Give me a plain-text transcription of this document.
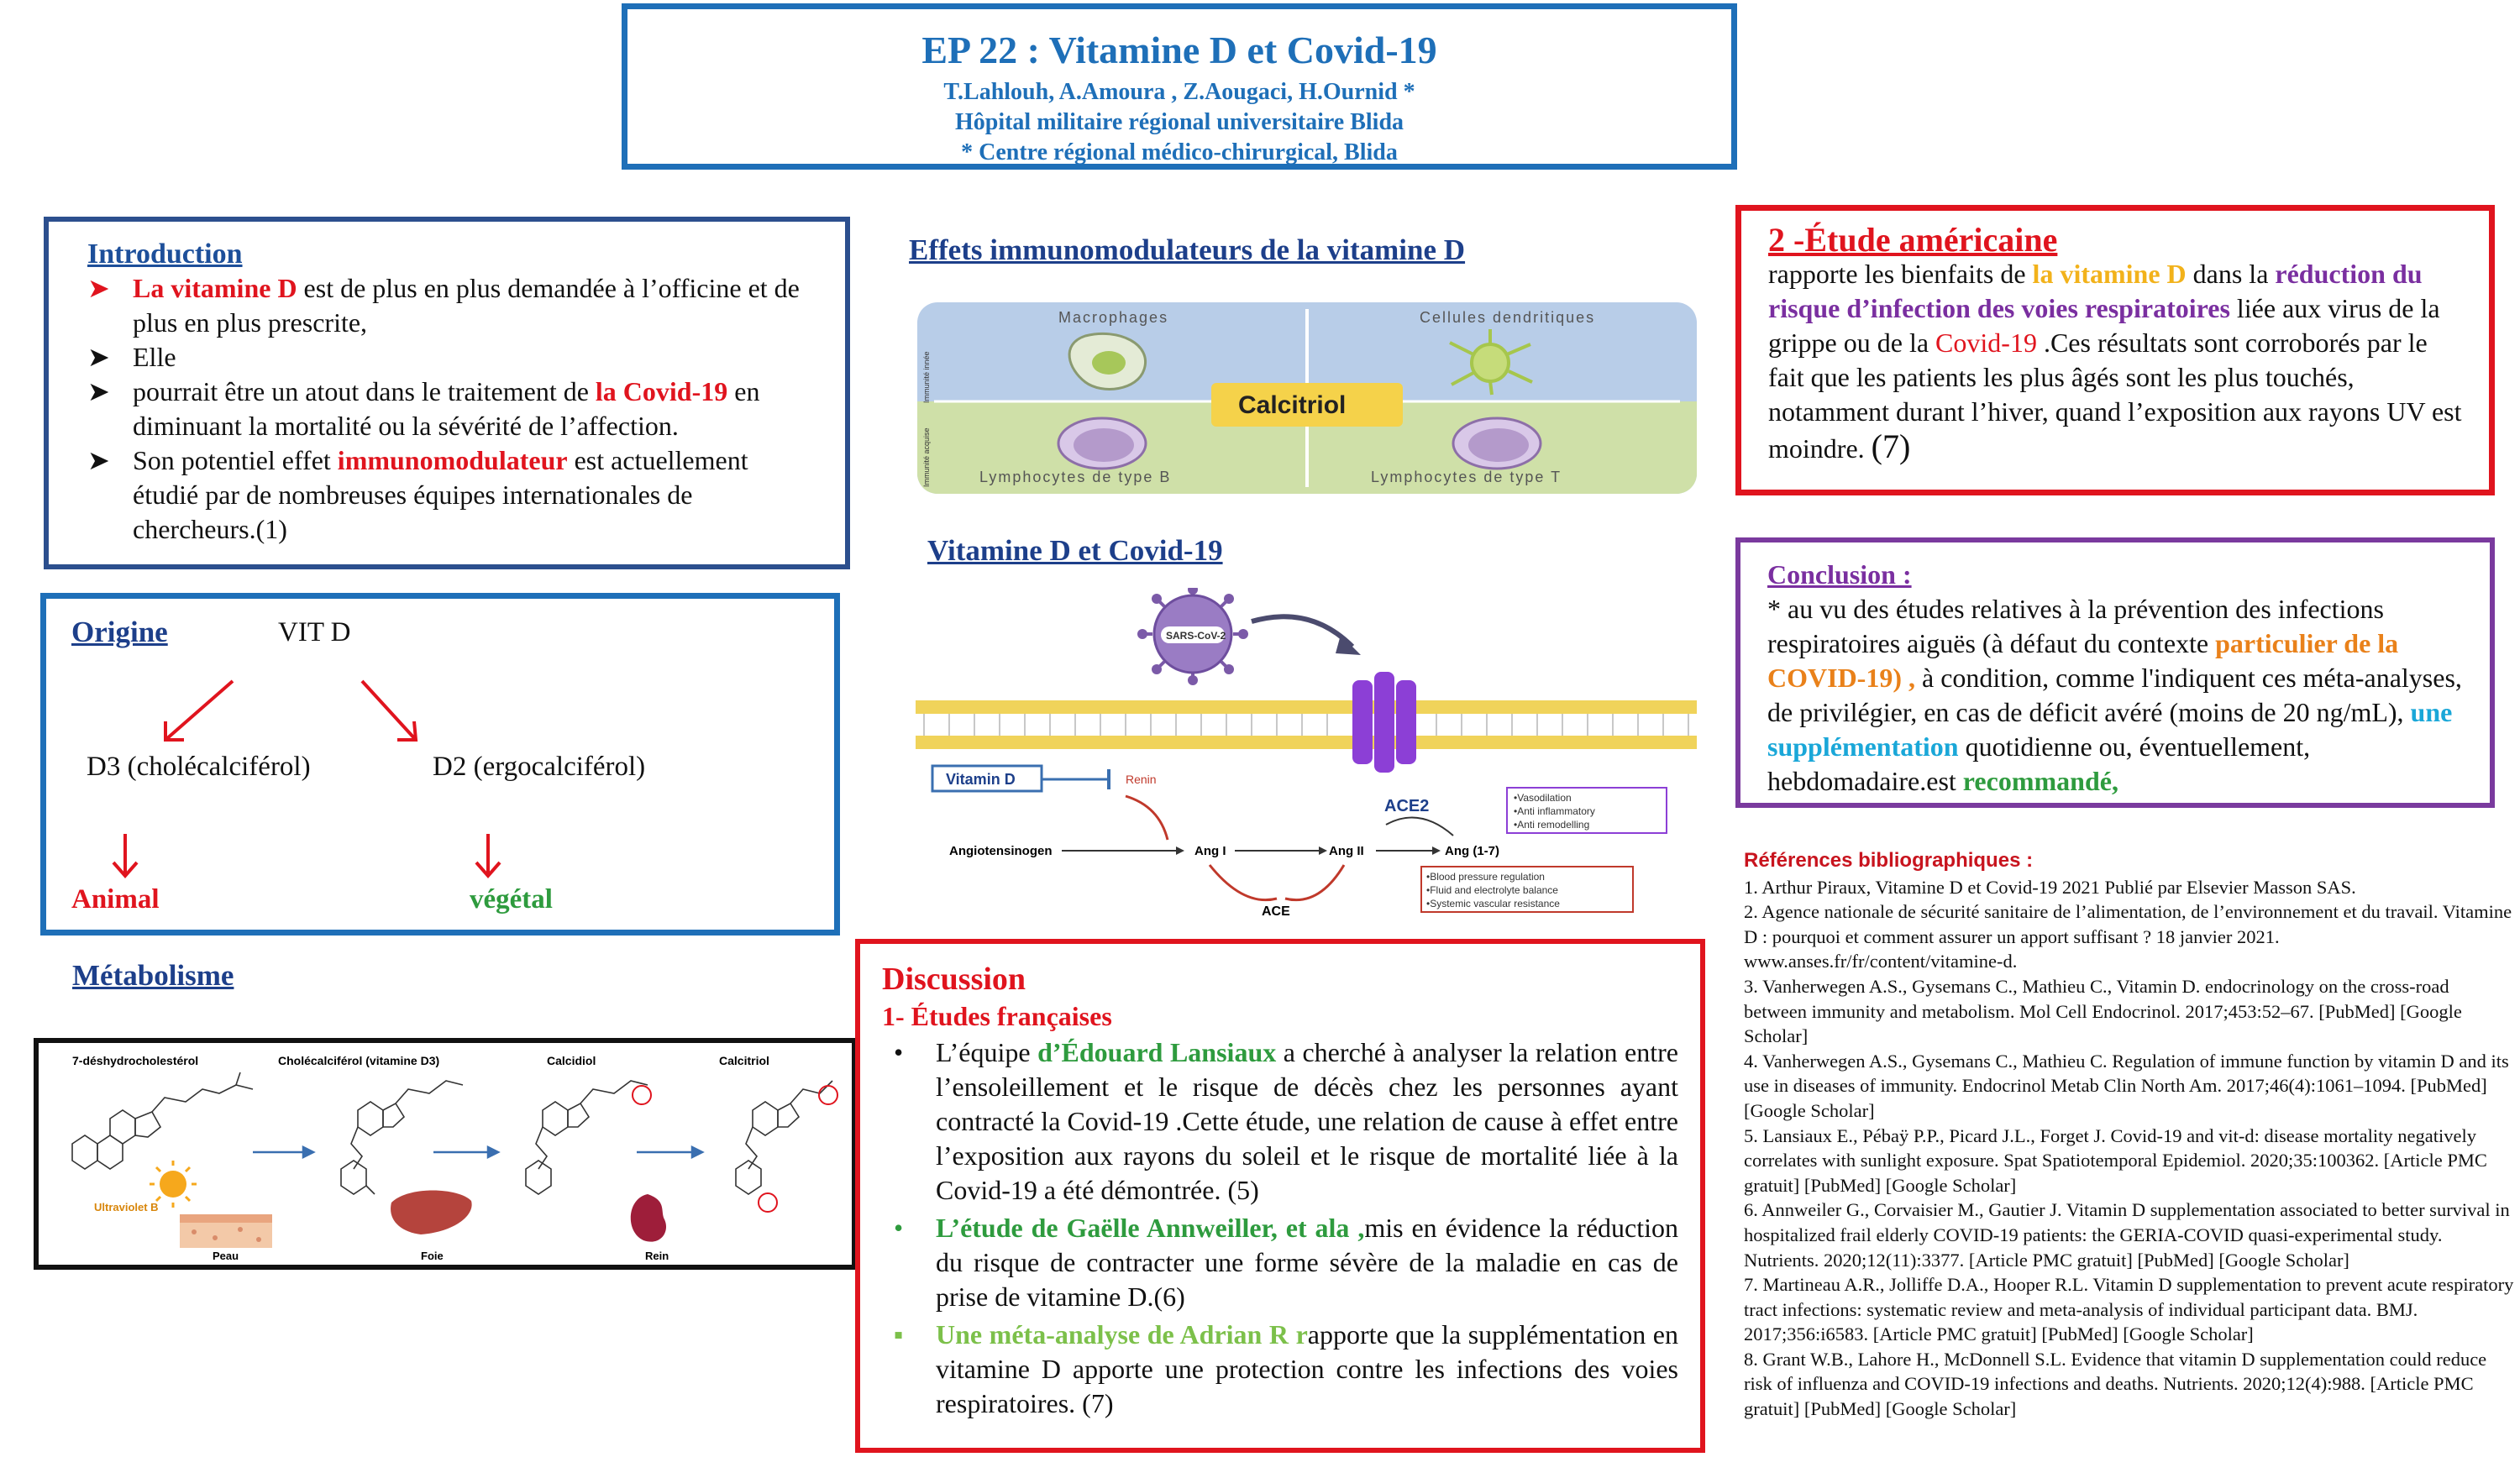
EP 22 : Vitamine D et Covid-19
T.Lahlouh, A.Amoura , Z.Aougaci, H.Ournid *
Hôpital militaire régional universitaire Blida
* Centre régional médico-chirurgical, Blida
Introduction
➤ La vitamine D est de plus en plus demandée à l’officine et de plus en plus prescrite,
➤ Elle
➤ pourrait être un atout dans le traitement de la Covid-19 en diminuant la mortalité ou la sévérité de l’affection.
➤ Son potentiel effet immunomodulateur est actuellement étudié par de nombreuses équipes internationales de chercheurs.(1)
Origine	VIT D
D3 (cholécalciférol)	D2 (ergocalciférol)
Animal	végétal
Métabolisme
7-déshydrocholestérol	Cholécalciférol (vitamine D3)	Calcidiol	Calcitriol
Ultraviolet B
Peau	Foie	Rein
Effets immunomodulateurs de la vitamine D
Macrophages	Cellules dendritiques
Lymphocytes de type B	Lymphocytes de type T
Immunité innée
Immunité acquise
Calcitriol
Vitamine D et Covid-19
SARS-CoV-2
Vitamin D	Renin
ACE2
Angiotensinogen	Ang I	Ang II	Ang (1-7)
ACE
•Vasodilation
•Anti inflammatory
•Anti remodelling
•Blood pressure regulation
•Fluid and electrolyte balance
•Systemic vascular resistance
Discussion
1- Études françaises
•	L’équipe d’Édouard Lansiaux a cherché à analyser la relation entre l’ensoleillement et le risque de décès chez les personnes ayant contracté la Covid-19 .Cette étude, une relation de cause à effet entre l’exposition aux rayons du soleil et le risque de mortalité liée à la Covid-19 a été démontrée. (5)
•	L’étude de Gaëlle Annweiller, et ala ,mis en évidence la réduction du risque de contracter une forme sévère de la maladie en cas de prise de vitamine D.(6)
▪	Une méta-analyse de Adrian R rapporte que la supplémentation en vitamine D apporte une protection contre les infections des voies respiratoires. (7)
2 -Étude américaine
rapporte les bienfaits de la vitamine D dans la réduction du risque d’infection des voies respiratoires liée aux virus de la grippe ou de la Covid-19 .Ces résultats sont corroborés par le fait que les patients les plus âgés sont les plus touchés, notamment durant l’hiver, quand l’exposition aux rayons UV est moindre. (7)
Conclusion :
* au vu des études relatives à la prévention des infections respiratoires aiguës (à défaut du contexte particulier de la COVID-19) , à condition, comme l'indiquent ces méta-analyses, de privilégier, en cas de déficit avéré (moins de 20 ng/mL), une supplémentation quotidienne ou, éventuellement, hebdomadaire.est recommandé,
Références bibliographiques :
1. Arthur Piraux, Vitamine D et Covid-19 2021 Publié par Elsevier Masson SAS.
2. Agence nationale de sécurité sanitaire de l’alimentation, de l’environnement et du travail. Vitamine D : pourquoi et comment assurer un apport suffisant ? 18 janvier 2021. www.anses.fr/fr/content/vitamine-d.
3. Vanherwegen A.S., Gysemans C., Mathieu C., Vitamin D. endocrinology on the cross-road between immunity and metabolism. Mol Cell Endocrinol. 2017;453:52–67. [PubMed] [Google Scholar]
4. Vanherwegen A.S., Gysemans C., Mathieu C. Regulation of immune function by vitamin D and its use in diseases of immunity. Endocrinol Metab Clin North Am. 2017;46(4):1061–1094. [PubMed] [Google Scholar]
5. Lansiaux E., Pébaÿ P.P., Picard J.L., Forget J. Covid-19 and vit-d: disease mortality negatively correlates with sunlight exposure. Spat Spatiotemporal Epidemiol. 2020;35:100362. [Article PMC gratuit] [PubMed] [Google Scholar]
6. Annweiler G., Corvaisier M., Gautier J. Vitamin D supplementation associated to better survival in hospitalized frail elderly COVID-19 patients: the GERIA-COVID quasi-experimental study. Nutrients. 2020;12(11):3377. [Article PMC gratuit] [PubMed] [Google Scholar]
7. Martineau A.R., Jolliffe D.A., Hooper R.L. Vitamin D supplementation to prevent acute respiratory tract infections: systematic review and meta-analysis of individual participant data. BMJ. 2017;356:i6583. [Article PMC gratuit] [PubMed] [Google Scholar]
8. Grant W.B., Lahore H., McDonnell S.L. Evidence that vitamin D supplementation could reduce risk of influenza and COVID-19 infections and deaths. Nutrients. 2020;12(4):988. [Article PMC gratuit] [PubMed] [Google Scholar]
